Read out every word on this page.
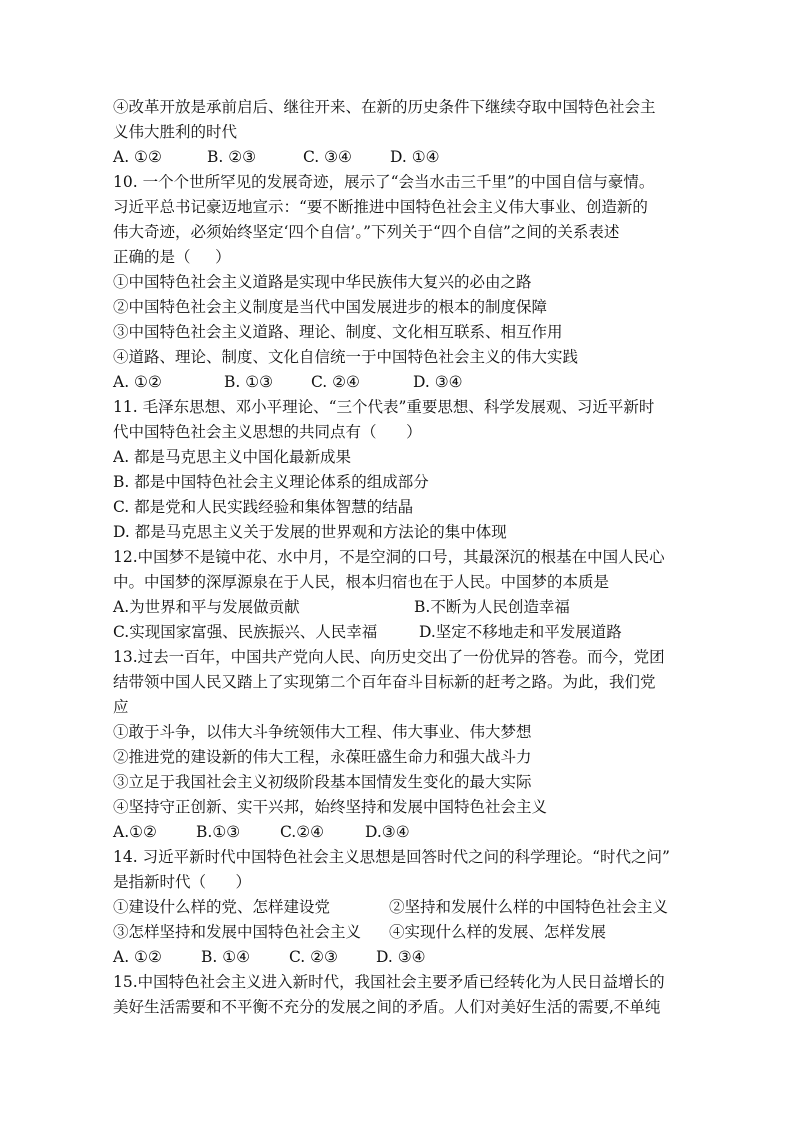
④改革开放是承前启后、继往开来、在新的历史条件下继续夺取中国特色社会主
义伟大胜利的时代
A. ①②	B. ②③	C. ③④	D. ①④
10. 一个个世所罕见的发展奇迹，展示了“会当水击三千里”的中国自信与豪情。
习近平总书记豪迈地宣示：“要不断推进中国特色社会主义伟大事业、创造新的
伟大奇迹，必须始终坚定‘四个自信’。”下列关于“四个自信”之间的关系表述
正确的是（     ）
①中国特色社会主义道路是实现中华民族伟大复兴的必由之路
②中国特色社会主义制度是当代中国发展进步的根本的制度保障
③中国特色社会主义道路、理论、制度、文化相互联系、相互作用
④道路、理论、制度、文化自信统一于中国特色社会主义的伟大实践
A. ①②	B. ①③	C. ②④	D. ③④
11. 毛泽东思想、邓小平理论、“三个代表”重要思想、科学发展观、习近平新时
代中国特色社会主义思想的共同点有（      ）
A. 都是马克思主义中国化最新成果
B. 都是中国特色社会主义理论体系的组成部分
C. 都是党和人民实践经验和集体智慧的结晶
D. 都是马克思主义关于发展的世界观和方法论的集中体现
12.中国梦不是镜中花、水中月，不是空洞的口号，其最深沉的根基在中国人民心
中。中国梦的深厚源泉在于人民，根本归宿也在于人民。中国梦的本质是
A.为世界和平与发展做贡献	B.不断为人民创造幸福
C.实现国家富强、民族振兴、人民幸福	D.坚定不移地走和平发展道路
13.过去一百年，中国共产党向人民、向历史交出了一份优异的答卷。而今，党团
结带领中国人民又踏上了实现第二个百年奋斗目标新的赶考之路。为此，我们党
应
①敢于斗争，以伟大斗争统领伟大工程、伟大事业、伟大梦想
②推进党的建设新的伟大工程，永葆旺盛生命力和强大战斗力
③立足于我国社会主义初级阶段基本国情发生变化的最大实际
④坚持守正创新、实干兴邦，始终坚持和发展中国特色社会主义
A.①②	B.①③	C.②④	D.③④
14. 习近平新时代中国特色社会主义思想是回答时代之问的科学理论。“时代之问”
是指新时代（      ）
①建设什么样的党、怎样建设党	②坚持和发展什么样的中国特色社会主义
③怎样坚持和发展中国特色社会主义	④实现什么样的发展、怎样发展
A. ①②	B. ①④	C. ②③	D. ③④
15.中国特色社会主义进入新时代，我国社会主要矛盾已经转化为人民日益增长的
美好生活需要和不平衡不充分的发展之间的矛盾。人们对美好生活的需要,不单纯
